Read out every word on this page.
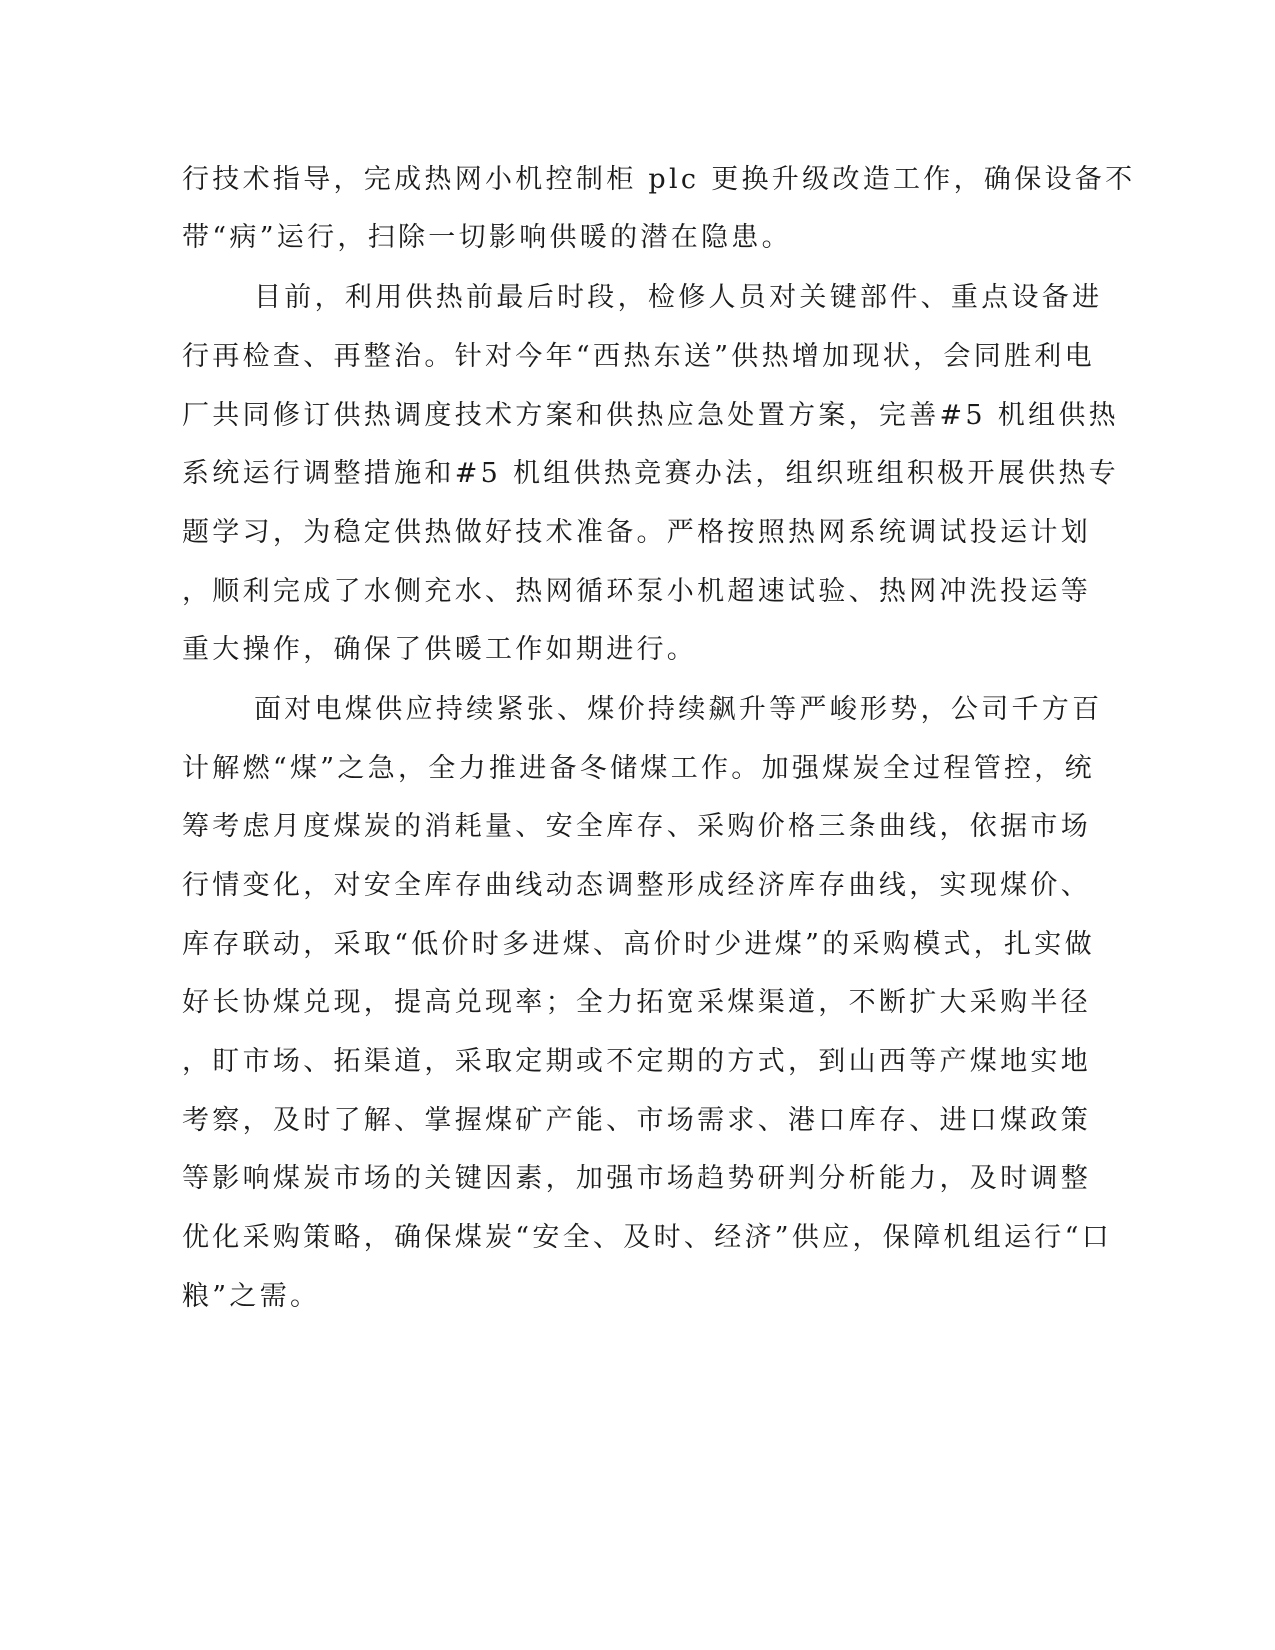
行技术指导，完成热网小机控制柜 plc 更换升级改造工作，确保设备不
带“病”运行，扫除一切影响供暖的潜在隐患。
目前，利用供热前最后时段，检修人员对关键部件、重点设备进
行再检查、再整治。针对今年“西热东送”供热增加现状，会同胜利电
厂共同修订供热调度技术方案和供热应急处置方案，完善#5 机组供热
系统运行调整措施和#5 机组供热竞赛办法，组织班组积极开展供热专
题学习，为稳定供热做好技术准备。严格按照热网系统调试投运计划
，顺利完成了水侧充水、热网循环泵小机超速试验、热网冲洗投运等
重大操作，确保了供暖工作如期进行。
面对电煤供应持续紧张、煤价持续飙升等严峻形势，公司千方百
计解燃“煤”之急，全力推进备冬储煤工作。加强煤炭全过程管控，统
筹考虑月度煤炭的消耗量、安全库存、采购价格三条曲线，依据市场
行情变化，对安全库存曲线动态调整形成经济库存曲线，实现煤价、
库存联动，采取“低价时多进煤、高价时少进煤”的采购模式，扎实做
好长协煤兑现，提高兑现率；全力拓宽采煤渠道，不断扩大采购半径
，盯市场、拓渠道，采取定期或不定期的方式，到山西等产煤地实地
考察，及时了解、掌握煤矿产能、市场需求、港口库存、进口煤政策
等影响煤炭市场的关键因素，加强市场趋势研判分析能力，及时调整
优化采购策略，确保煤炭“安全、及时、经济”供应，保障机组运行“口
粮”之需。
